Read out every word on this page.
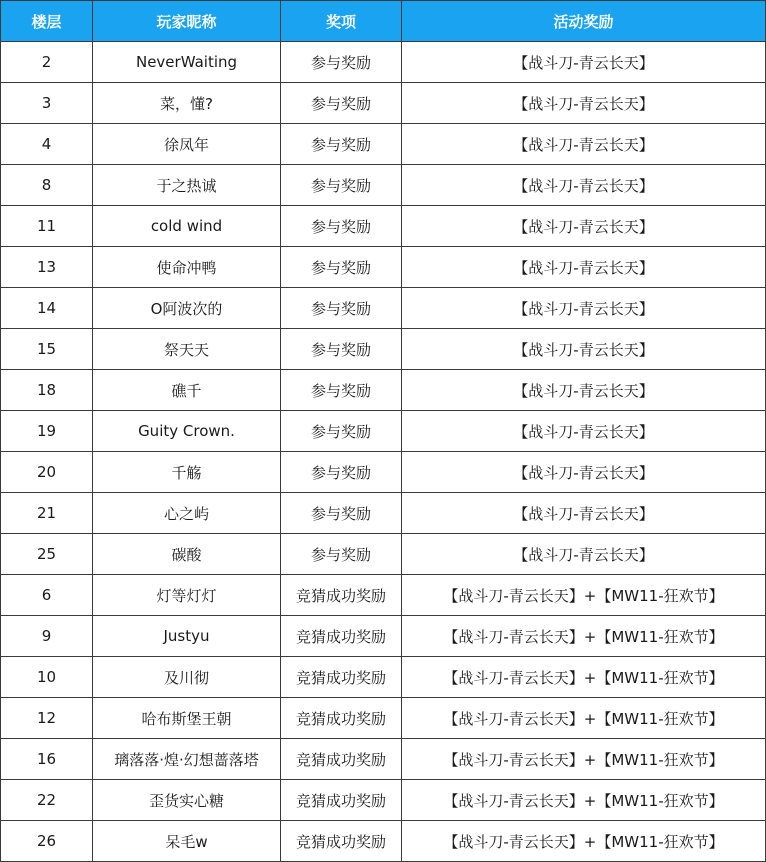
楼层	玩家昵称	奖项	活动奖励
2	NeverWaiting	参与奖励	【战斗刀-青云长天】
3	菜，懂?	参与奖励	【战斗刀-青云长天】
4	徐凤年	参与奖励	【战斗刀-青云长天】
8	于之热诚	参与奖励	【战斗刀-青云长天】
11	cold wind	参与奖励	【战斗刀-青云长天】
13	使命冲鸭	参与奖励	【战斗刀-青云长天】
14	O阿波次的	参与奖励	【战斗刀-青云长天】
15	祭天天	参与奖励	【战斗刀-青云长天】
18	礁千	参与奖励	【战斗刀-青云长天】
19	Guity Crown.	参与奖励	【战斗刀-青云长天】
20	千觞	参与奖励	【战斗刀-青云长天】
21	心之屿	参与奖励	【战斗刀-青云长天】
25	碳酸	参与奖励	【战斗刀-青云长天】
6	灯等灯灯	竞猜成功奖励	【战斗刀-青云长天】+【MW11-狂欢节】
9	Justyu	竞猜成功奖励	【战斗刀-青云长天】+【MW11-狂欢节】
10	及川彻	竞猜成功奖励	【战斗刀-青云长天】+【MW11-狂欢节】
12	哈布斯堡王朝	竞猜成功奖励	【战斗刀-青云长天】+【MW11-狂欢节】
16	璃落落·煌·幻想蔷落塔	竞猜成功奖励	【战斗刀-青云长天】+【MW11-狂欢节】
22	歪货实心糖	竞猜成功奖励	【战斗刀-青云长天】+【MW11-狂欢节】
26	呆毛w	竞猜成功奖励	【战斗刀-青云长天】+【MW11-狂欢节】
